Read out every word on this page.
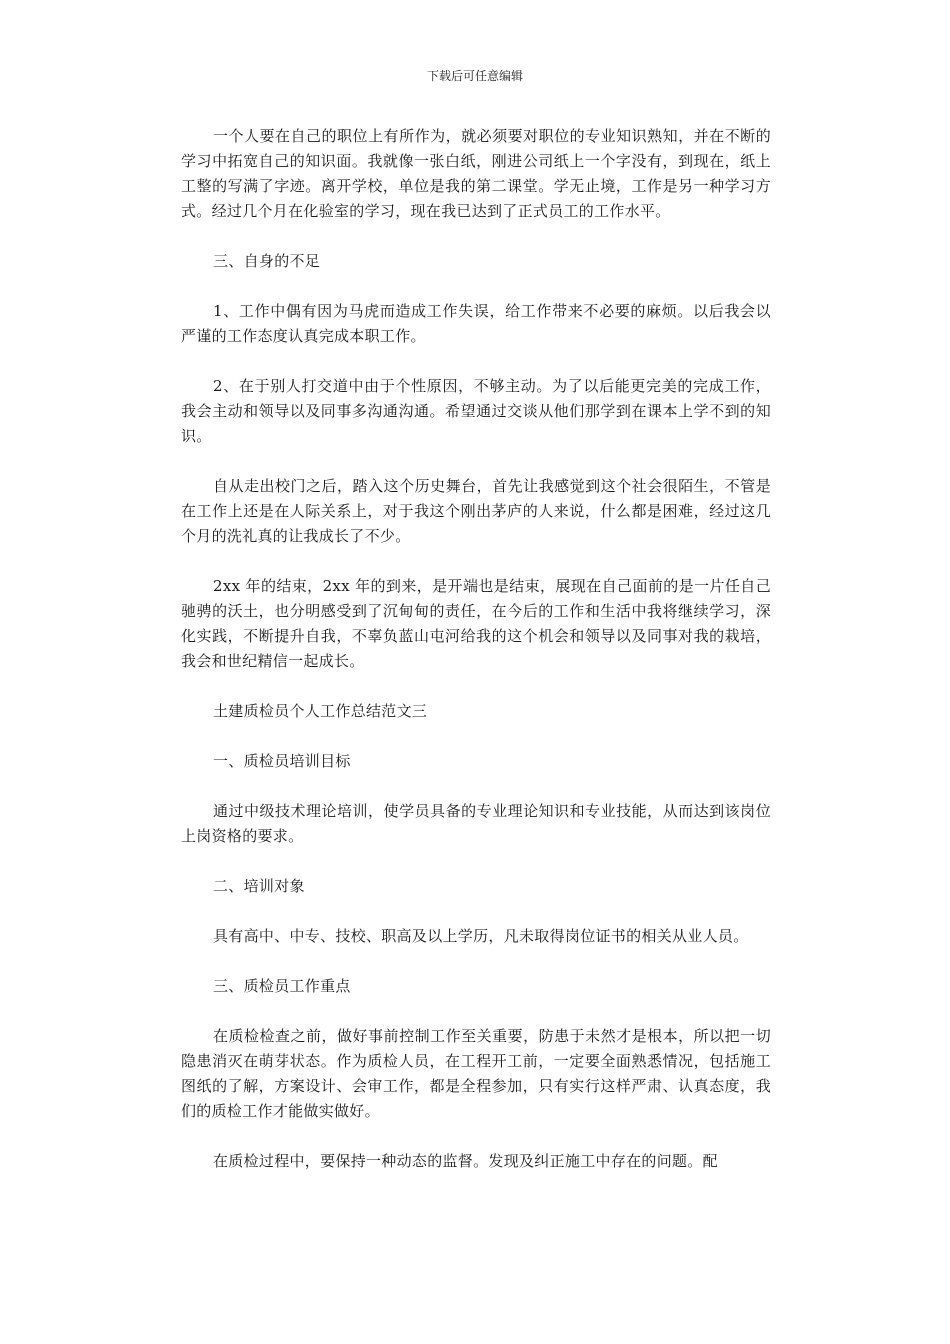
下载后可任意编辑

一个人要在自己的职位上有所作为，就必须要对职位的专业知识熟知，并在不断的学习中拓宽自己的知识面。我就像一张白纸，刚进公司纸上一个字没有，到现在，纸上工整的写满了字迹。离开学校，单位是我的第二课堂。学无止境，工作是另一种学习方式。经过几个月在化验室的学习，现在我已达到了正式员工的工作水平。

三、自身的不足

1、工作中偶有因为马虎而造成工作失误，给工作带来不必要的麻烦。以后我会以严谨的工作态度认真完成本职工作。

2、在于别人打交道中由于个性原因，不够主动。为了以后能更完美的完成工作，我会主动和领导以及同事多沟通沟通。希望通过交谈从他们那学到在课本上学不到的知识。

自从走出校门之后，踏入这个历史舞台，首先让我感觉到这个社会很陌生，不管是在工作上还是在人际关系上，对于我这个刚出茅庐的人来说，什么都是困难，经过这几个月的洗礼真的让我成长了不少。

2xx 年的结束，2xx 年的到来，是开端也是结束，展现在自己面前的是一片任自己驰骋的沃土，也分明感受到了沉甸甸的责任，在今后的工作和生活中我将继续学习，深化实践，不断提升自我，不辜负蓝山屯河给我的这个机会和领导以及同事对我的栽培，我会和世纪精信一起成长。

土建质检员个人工作总结范文三

一、质检员培训目标

通过中级技术理论培训，使学员具备的专业理论知识和专业技能，从而达到该岗位上岗资格的要求。

二、培训对象

具有高中、中专、技校、职高及以上学历，凡未取得岗位证书的相关从业人员。

三、质检员工作重点

在质检检查之前，做好事前控制工作至关重要，防患于未然才是根本，所以把一切隐患消灭在萌芽状态。作为质检人员，在工程开工前，一定要全面熟悉情况，包括施工图纸的了解，方案设计、会审工作，都是全程参加，只有实行这样严肃、认真态度，我们的质检工作才能做实做好。

在质检过程中，要保持一种动态的监督。发现及纠正施工中存在的问题。配
